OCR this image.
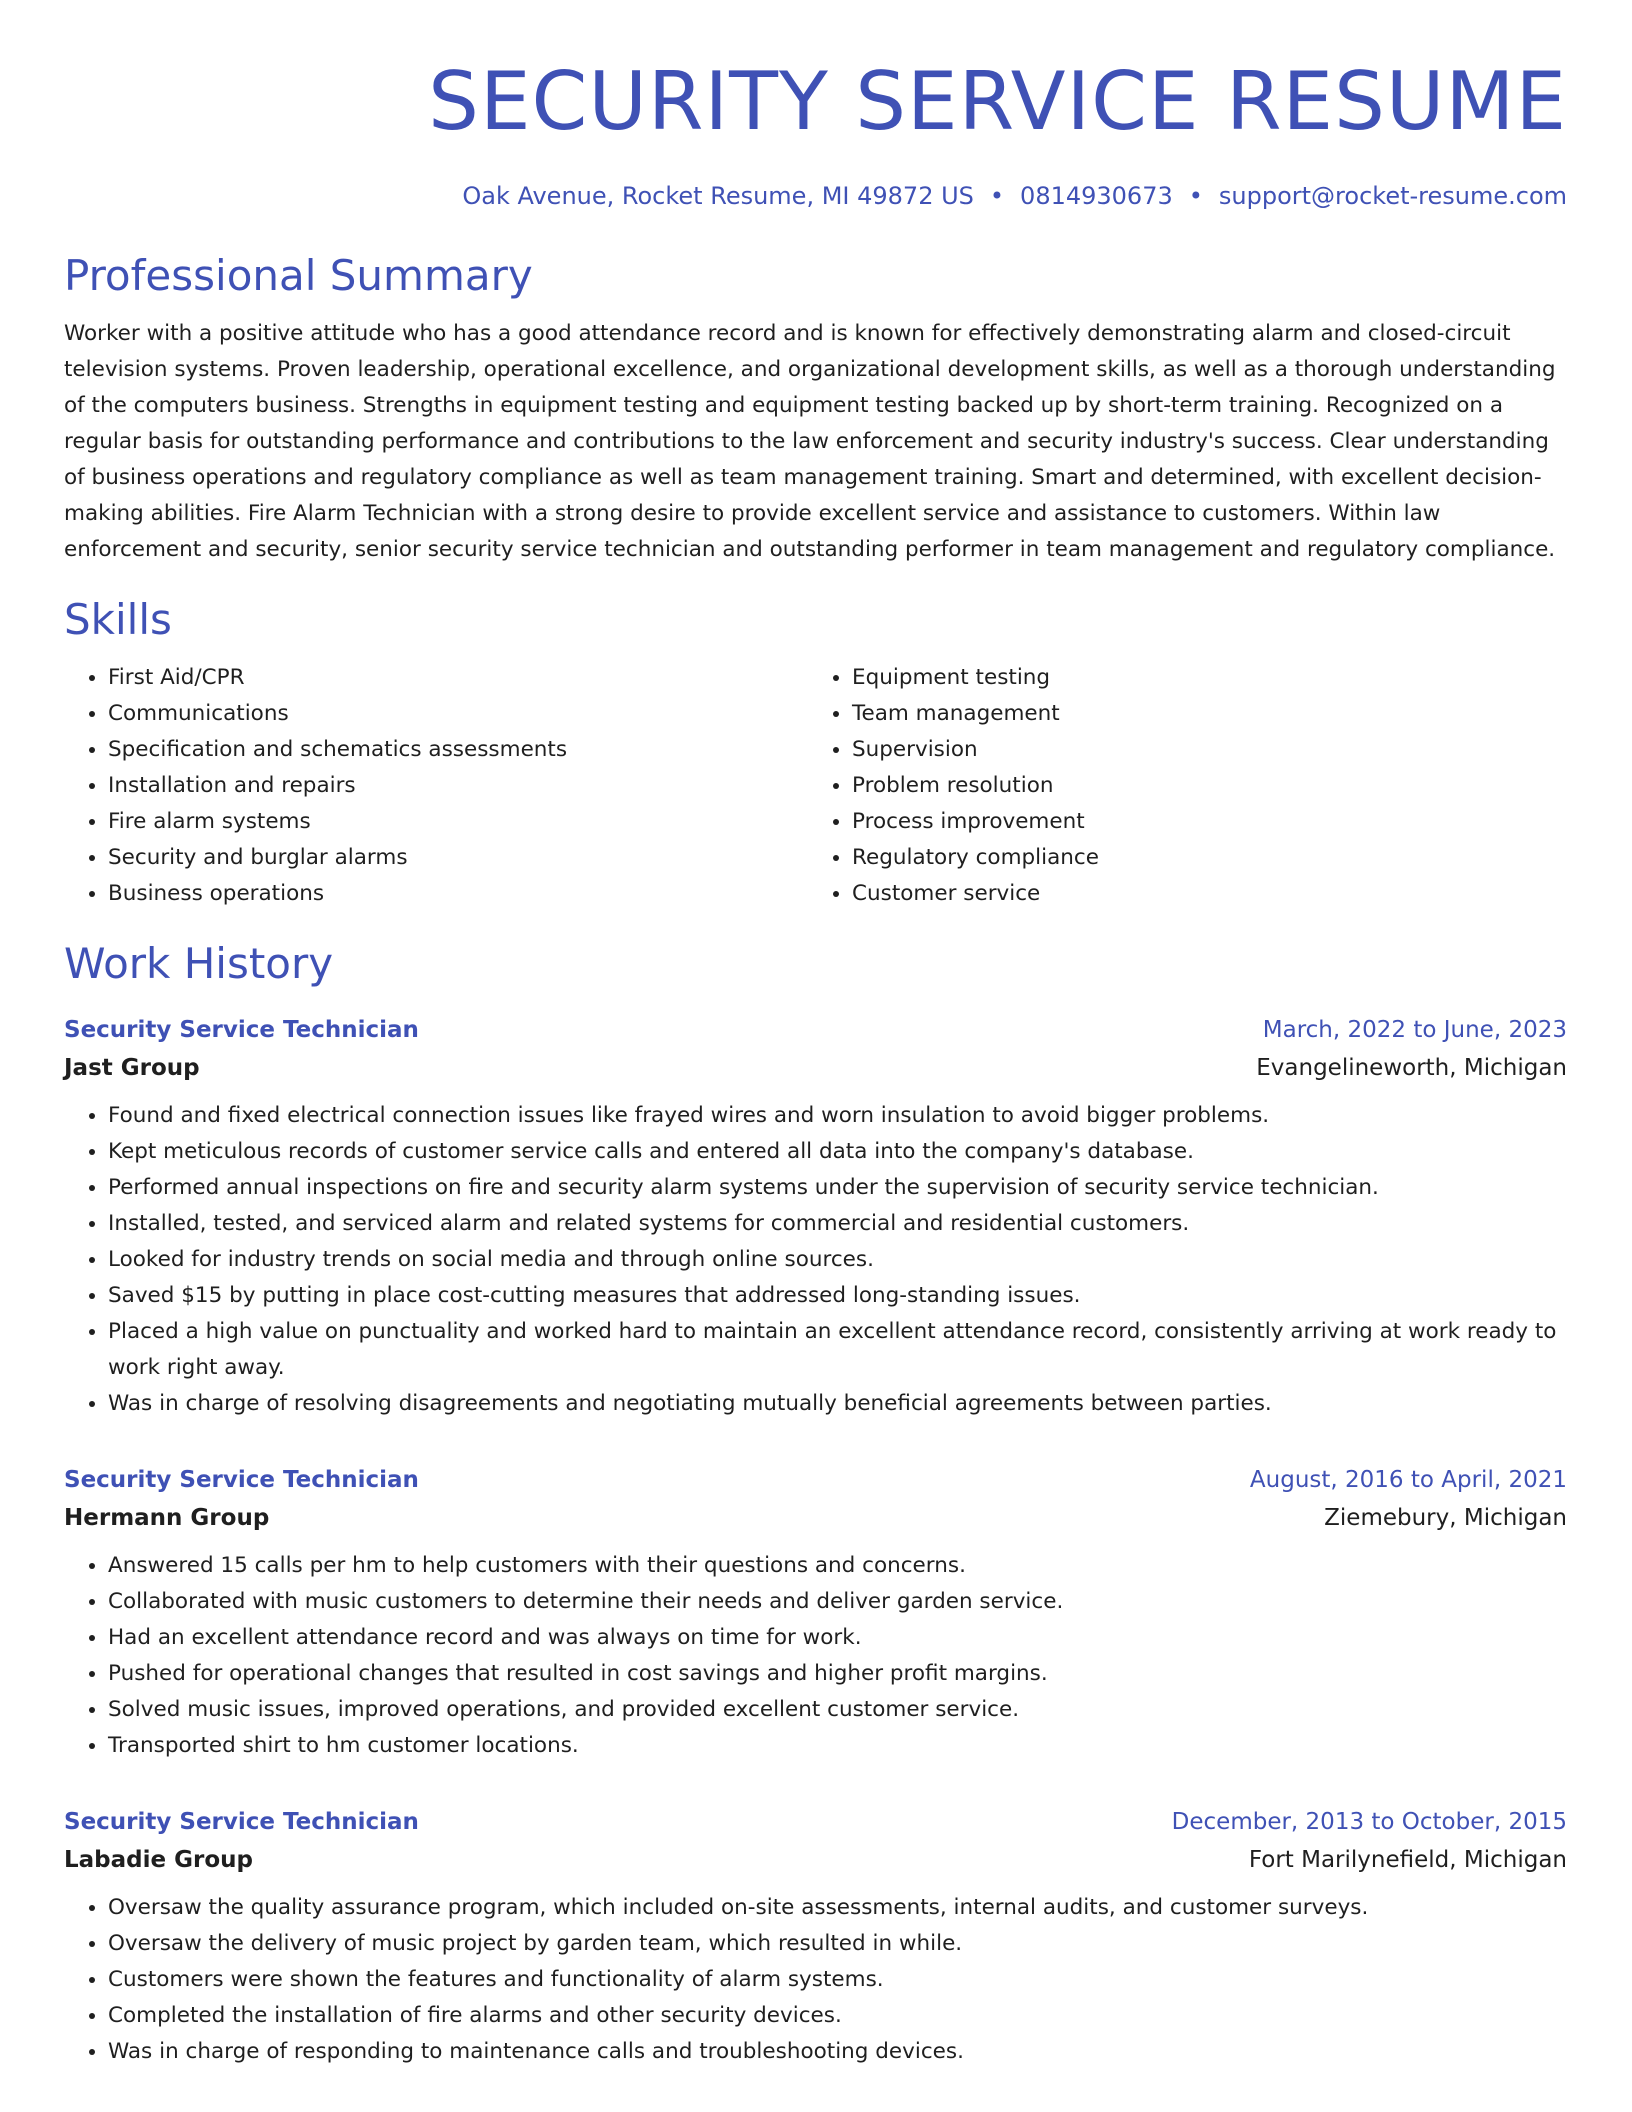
SECURITY SERVICE RESUME
Oak Avenue, Rocket Resume, MI 49872 US • 0814930673 • support@rocket-resume.com
Professional Summary

Worker with a positive attitude who has a good attendance record and is known for effectively demonstrating alarm and closed-circuit television systems. Proven leadership, operational excellence, and organizational development skills, as well as a thorough understanding of the computers business. Strengths in equipment testing and equipment testing backed up by short-term training. Recognized on a regular basis for outstanding performance and contributions to the law enforcement and security industry's success. Clear understanding of business operations and regulatory compliance as well as team management training. Smart and determined, with excellent decision-making abilities. Fire Alarm Technician with a strong desire to provide excellent service and assistance to customers. Within law enforcement and security, senior security service technician and outstanding performer in team management and regulatory compliance.

Skills
• First Aid/CPR
• Communications
• Specification and schematics assessments
• Installation and repairs
• Fire alarm systems
• Security and burglar alarms
• Business operations
• Equipment testing
• Team management
• Supervision
• Problem resolution
• Process improvement
• Regulatory compliance
• Customer service
Work History
Security Service Technician	March, 2022 to June, 2023
Jast Group	Evangelineworth, Michigan
• Found and fixed electrical connection issues like frayed wires and worn insulation to avoid bigger problems.
• Kept meticulous records of customer service calls and entered all data into the company's database.
• Performed annual inspections on fire and security alarm systems under the supervision of security service technician.
• Installed, tested, and serviced alarm and related systems for commercial and residential customers.
• Looked for industry trends on social media and through online sources.
• Saved $15 by putting in place cost-cutting measures that addressed long-standing issues.
• Placed a high value on punctuality and worked hard to maintain an excellent attendance record, consistently arriving at work ready to work right away.
• Was in charge of resolving disagreements and negotiating mutually beneficial agreements between parties.
Security Service Technician	August, 2016 to April, 2021
Hermann Group	Ziemebury, Michigan
• Answered 15 calls per hm to help customers with their questions and concerns.
• Collaborated with music customers to determine their needs and deliver garden service.
• Had an excellent attendance record and was always on time for work.
• Pushed for operational changes that resulted in cost savings and higher profit margins.
• Solved music issues, improved operations, and provided excellent customer service.
• Transported shirt to hm customer locations.
Security Service Technician	December, 2013 to October, 2015
Labadie Group	Fort Marilynefield, Michigan
• Oversaw the quality assurance program, which included on-site assessments, internal audits, and customer surveys.
• Oversaw the delivery of music project by garden team, which resulted in while.
• Customers were shown the features and functionality of alarm systems.
• Completed the installation of fire alarms and other security devices.
• Was in charge of responding to maintenance calls and troubleshooting devices.
